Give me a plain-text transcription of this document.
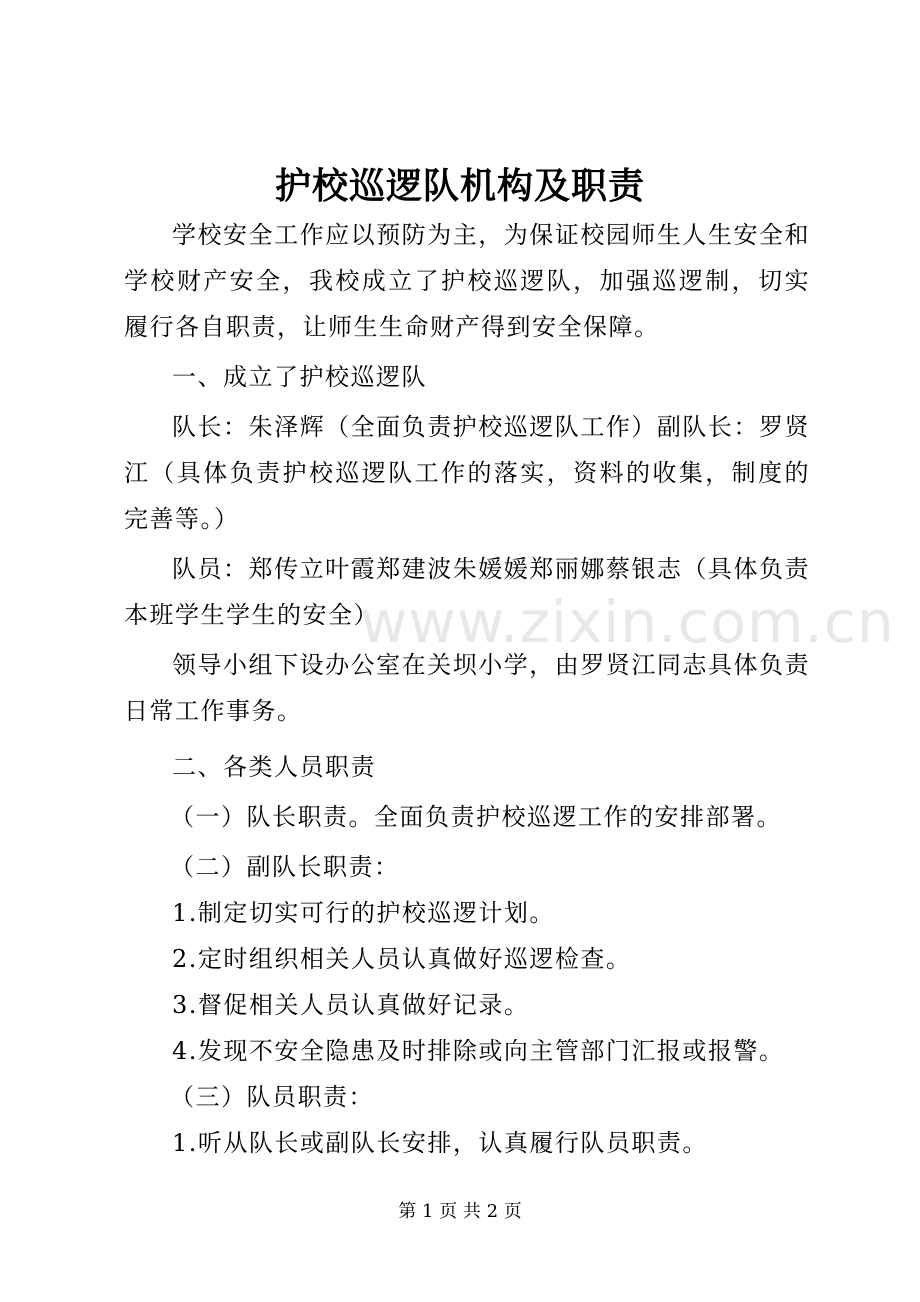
护校巡逻队机构及职责

学校安全工作应以预防为主，为保证校园师生人生安全和学校财产安全，我校成立了护校巡逻队，加强巡逻制，切实履行各自职责，让师生生命财产得到安全保障。

一、成立了护校巡逻队

队长：朱泽辉（全面负责护校巡逻队工作）副队长：罗贤江（具体负责护校巡逻队工作的落实，资料的收集，制度的完善等。）

队员：郑传立叶霞郑建波朱媛媛郑丽娜蔡银志（具体负责本班学生学生的安全）

领导小组下设办公室在关坝小学，由罗贤江同志具体负责日常工作事务。

二、各类人员职责

（一）队长职责。全面负责护校巡逻工作的安排部署。

（二）副队长职责：

1.制定切实可行的护校巡逻计划。

2.定时组织相关人员认真做好巡逻检查。

3.督促相关人员认真做好记录。

4.发现不安全隐患及时排除或向主管部门汇报或报警。

（三）队员职责：

1.听从队长或副队长安排，认真履行队员职责。

www.zixin.com.cn
第 1 页 共 2 页
